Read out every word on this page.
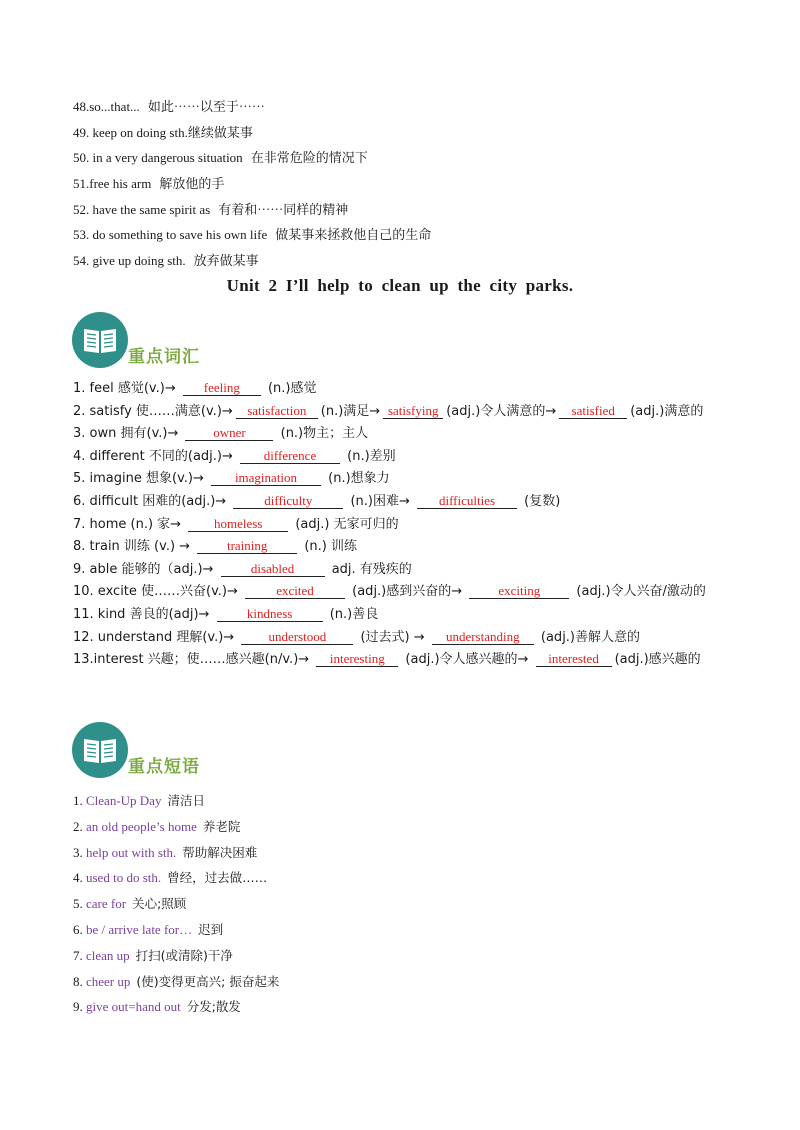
48.so...that... 如此⋯⋯以至于⋯⋯
49. keep on doing sth.继续做某事
50. in a very dangerous situation 在非常危险的情况下
51.free his arm 解放他的手
52. have the same spirit as 有着和⋯⋯同样的精神
53. do something to save his own life 做某事来拯救他自己的生命
54. give up doing sth. 放弃做某事
Unit 2 I’ll help to clean up the city parks.
重点词汇
1. feel 感觉(v.)→ feeling (n.)感觉
2. satisfy 使……满意(v.)→ satisfaction (n.)满足→ satisfying (adj.)令人满意的→ satisfied (adj.)满意的
3. own 拥有(v.)→ owner (n.)物主；主人
4. different 不同的(adj.)→ difference (n.)差别
5. imagine 想象(v.)→ imagination (n.)想象力
6. difficult 困难的(adj.)→	difficulty	(n.)困难→ difficulties (复数)
7. home (n.) 家→ homeless (adj.) 无家可归的
8. train 训练 (v.) →	training	(n.) 训练
9. able 能够的（adj.)→	disabled	adj. 有残疾的
10. excite 使……兴奋(v.)→	excited	(adj.)感到兴奋的→ exciting (adj.)令人兴奋/激动的
11. kind 善良的(adj)→	kindness	(n.)善良
12. understand 理解(v.)→ understood (过去式) → understanding (adj.)善解人意的
13.interest 兴趣；使……感兴趣(n/v.)→ interesting (adj.)令人感兴趣的→ interested (adj.)感兴趣的
重点短语
1. Clean-Up Day 清洁日
2. an old people’s home 养老院
3. help out with sth. 帮助解决困难
4. used to do sth. 曾经，过去做……
5. care for 关心;照顾
6. be / arrive late for… 迟到
7. clean up 打扫(或清除)干净
8. cheer up (使)变得更高兴; 振奋起来
9. give out=hand out 分发;散发
